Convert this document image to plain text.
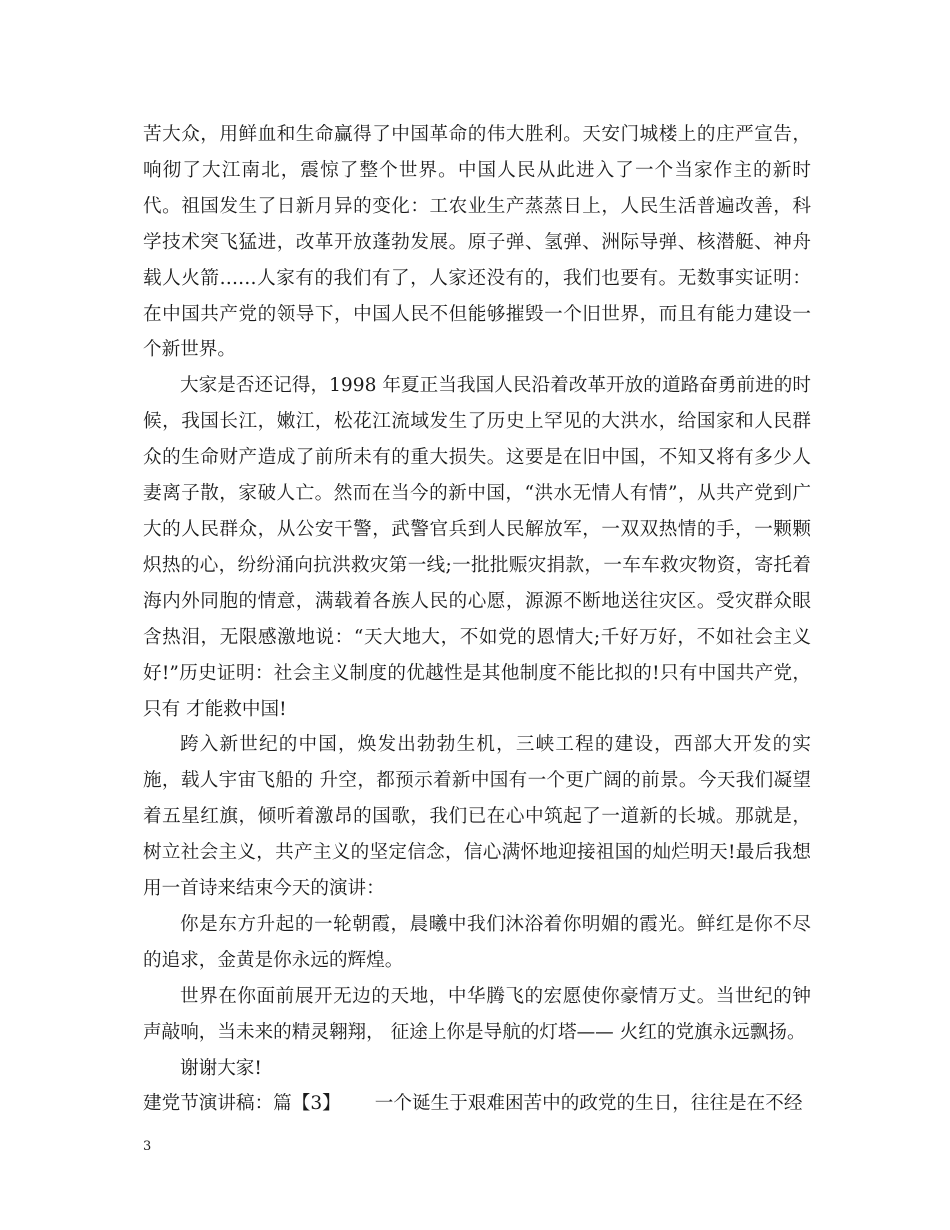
苦大众，用鲜血和生命赢得了中国革命的伟大胜利。天安门城楼上的庄严宣告，响彻了大江南北，震惊了整个世界。中国人民从此进入了一个当家作主的新时代。祖国发生了日新月异的变化：工农业生产蒸蒸日上，人民生活普遍改善，科学技术突飞猛进，改革开放蓬勃发展。原子弹、氢弹、洲际导弹、核潜艇、神舟载人火箭……人家有的我们有了，人家还没有的，我们也要有。无数事实证明：在中国共产党的领导下，中国人民不但能够摧毁一个旧世界，而且有能力建设一个新世界。

大家是否还记得，1998 年夏正当我国人民沿着改革开放的道路奋勇前进的时候，我国长江，嫩江，松花江流域发生了历史上罕见的大洪水，给国家和人民群众的生命财产造成了前所未有的重大损失。这要是在旧中国，不知又将有多少人妻离子散，家破人亡。然而在当今的新中国，“洪水无情人有情”，从共产党到广大的人民群众，从公安干警，武警官兵到人民解放军，一双双热情的手，一颗颗炽热的心，纷纷涌向抗洪救灾第一线;一批批赈灾捐款，一车车救灾物资，寄托着海内外同胞的情意，满载着各族人民的心愿，源源不断地送往灾区。受灾群众眼含热泪，无限感激地说：“天大地大，不如党的恩情大;千好万好，不如社会主义好!”历史证明：社会主义制度的优越性是其他制度不能比拟的!只有中国共产党，只有 才能救中国!

跨入新世纪的中国，焕发出勃勃生机，三峡工程的建设，西部大开发的实施，载人宇宙飞船的 升空，都预示着新中国有一个更广阔的前景。今天我们凝望着五星红旗，倾听着激昂的国歌，我们已在心中筑起了一道新的长城。那就是，树立社会主义，共产主义的坚定信念，信心满怀地迎接祖国的灿烂明天!最后我想用一首诗来结束今天的演讲：

你是东方升起的一轮朝霞，晨曦中我们沐浴着你明媚的霞光。鲜红是你不尽的追求，金黄是你永远的辉煌。

世界在你面前展开无边的天地，中华腾飞的宏愿使你豪情万丈。当世纪的钟声敲响，当未来的精灵翱翔， 征途上你是导航的灯塔—— 火红的党旗永远飘扬。

谢谢大家!

建党节演讲稿：篇【3】 一个诞生于艰难困苦中的政党的生日，往往是在不经

3
